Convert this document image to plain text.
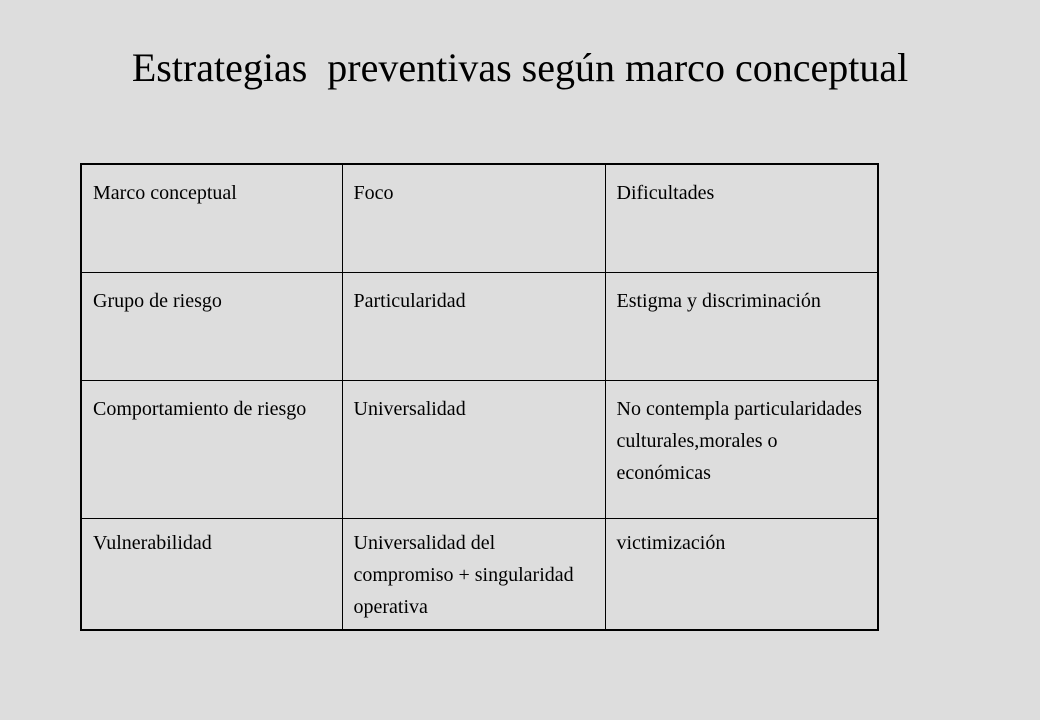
Estrategias  preventivas según marco conceptual
Marco conceptual	Foco	Dificultades
Grupo de riesgo	Particularidad	Estigma y discriminación
Comportamiento de riesgo	Universalidad	No contempla particularidades culturales,morales o económicas
Vulnerabilidad	Universalidad del compromiso + singularidad operativa	victimización
